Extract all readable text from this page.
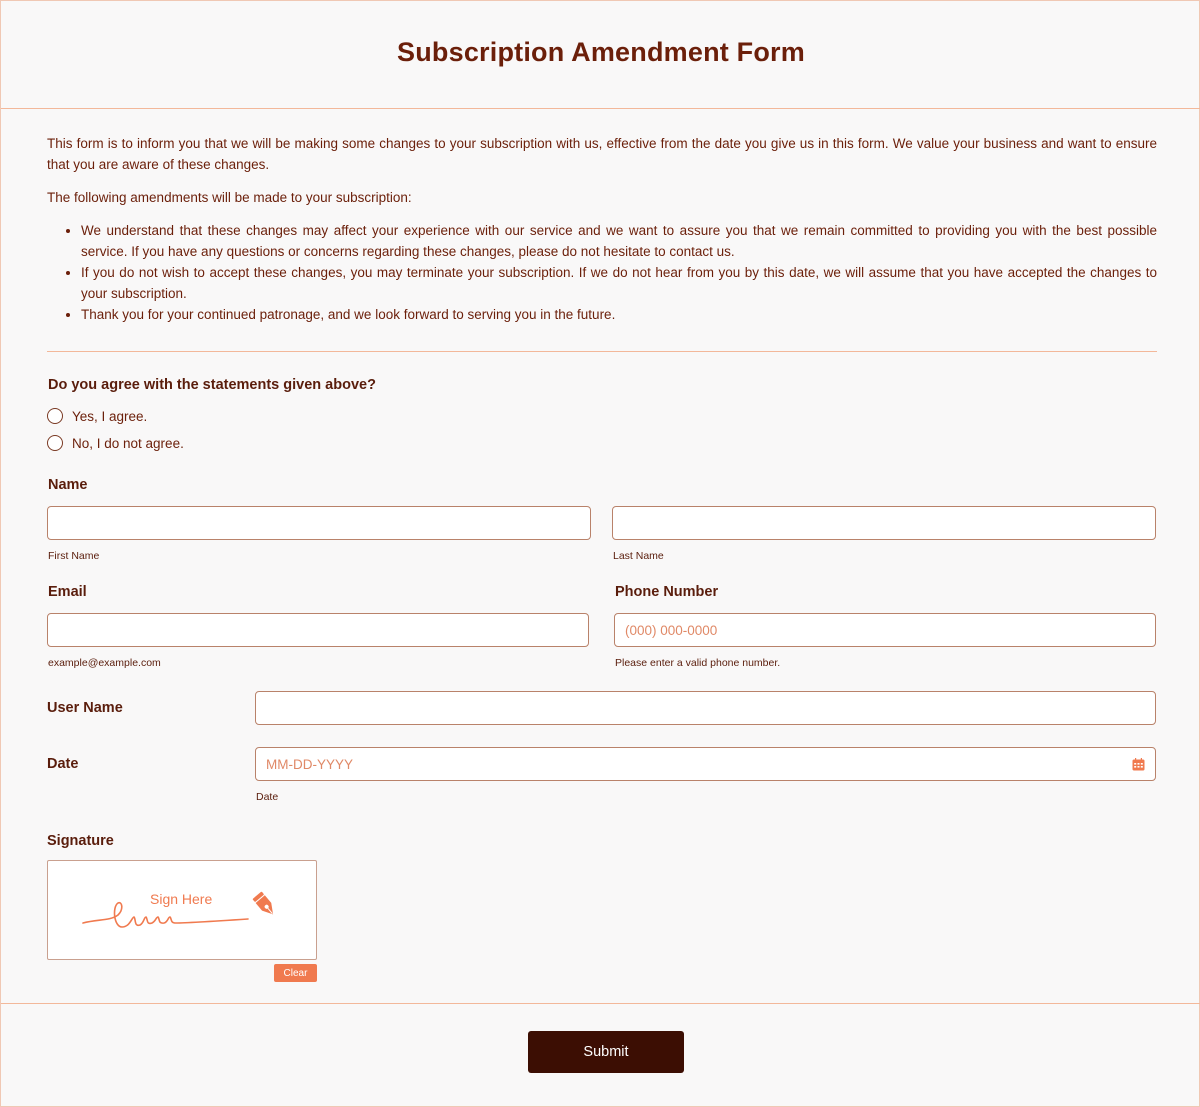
Subscription Amendment Form

This form is to inform you that we will be making some changes to your subscription with us, effective from the date you give us in this form. We value your business and want to ensure that you are aware of these changes.

The following amendments will be made to your subscription:

• We understand that these changes may affect your experience with our service and we want to assure you that we remain committed to providing you with the best possible service. If you have any questions or concerns regarding these changes, please do not hesitate to contact us.
• If you do not wish to accept these changes, you may terminate your subscription. If we do not hear from you by this date, we will assume that you have accepted the changes to your subscription.
• Thank you for your continued patronage, and we look forward to serving you in the future.
Do you agree with the statements given above?
Yes, I agree.
No, I do not agree.
Name
First Name	Last Name
Email
example@example.com
Phone Number
(000) 000-0000
Please enter a valid phone number.
User Name
Date	MM-DD-YYYY
Date
Signature
Sign Here
Clear
Submit
